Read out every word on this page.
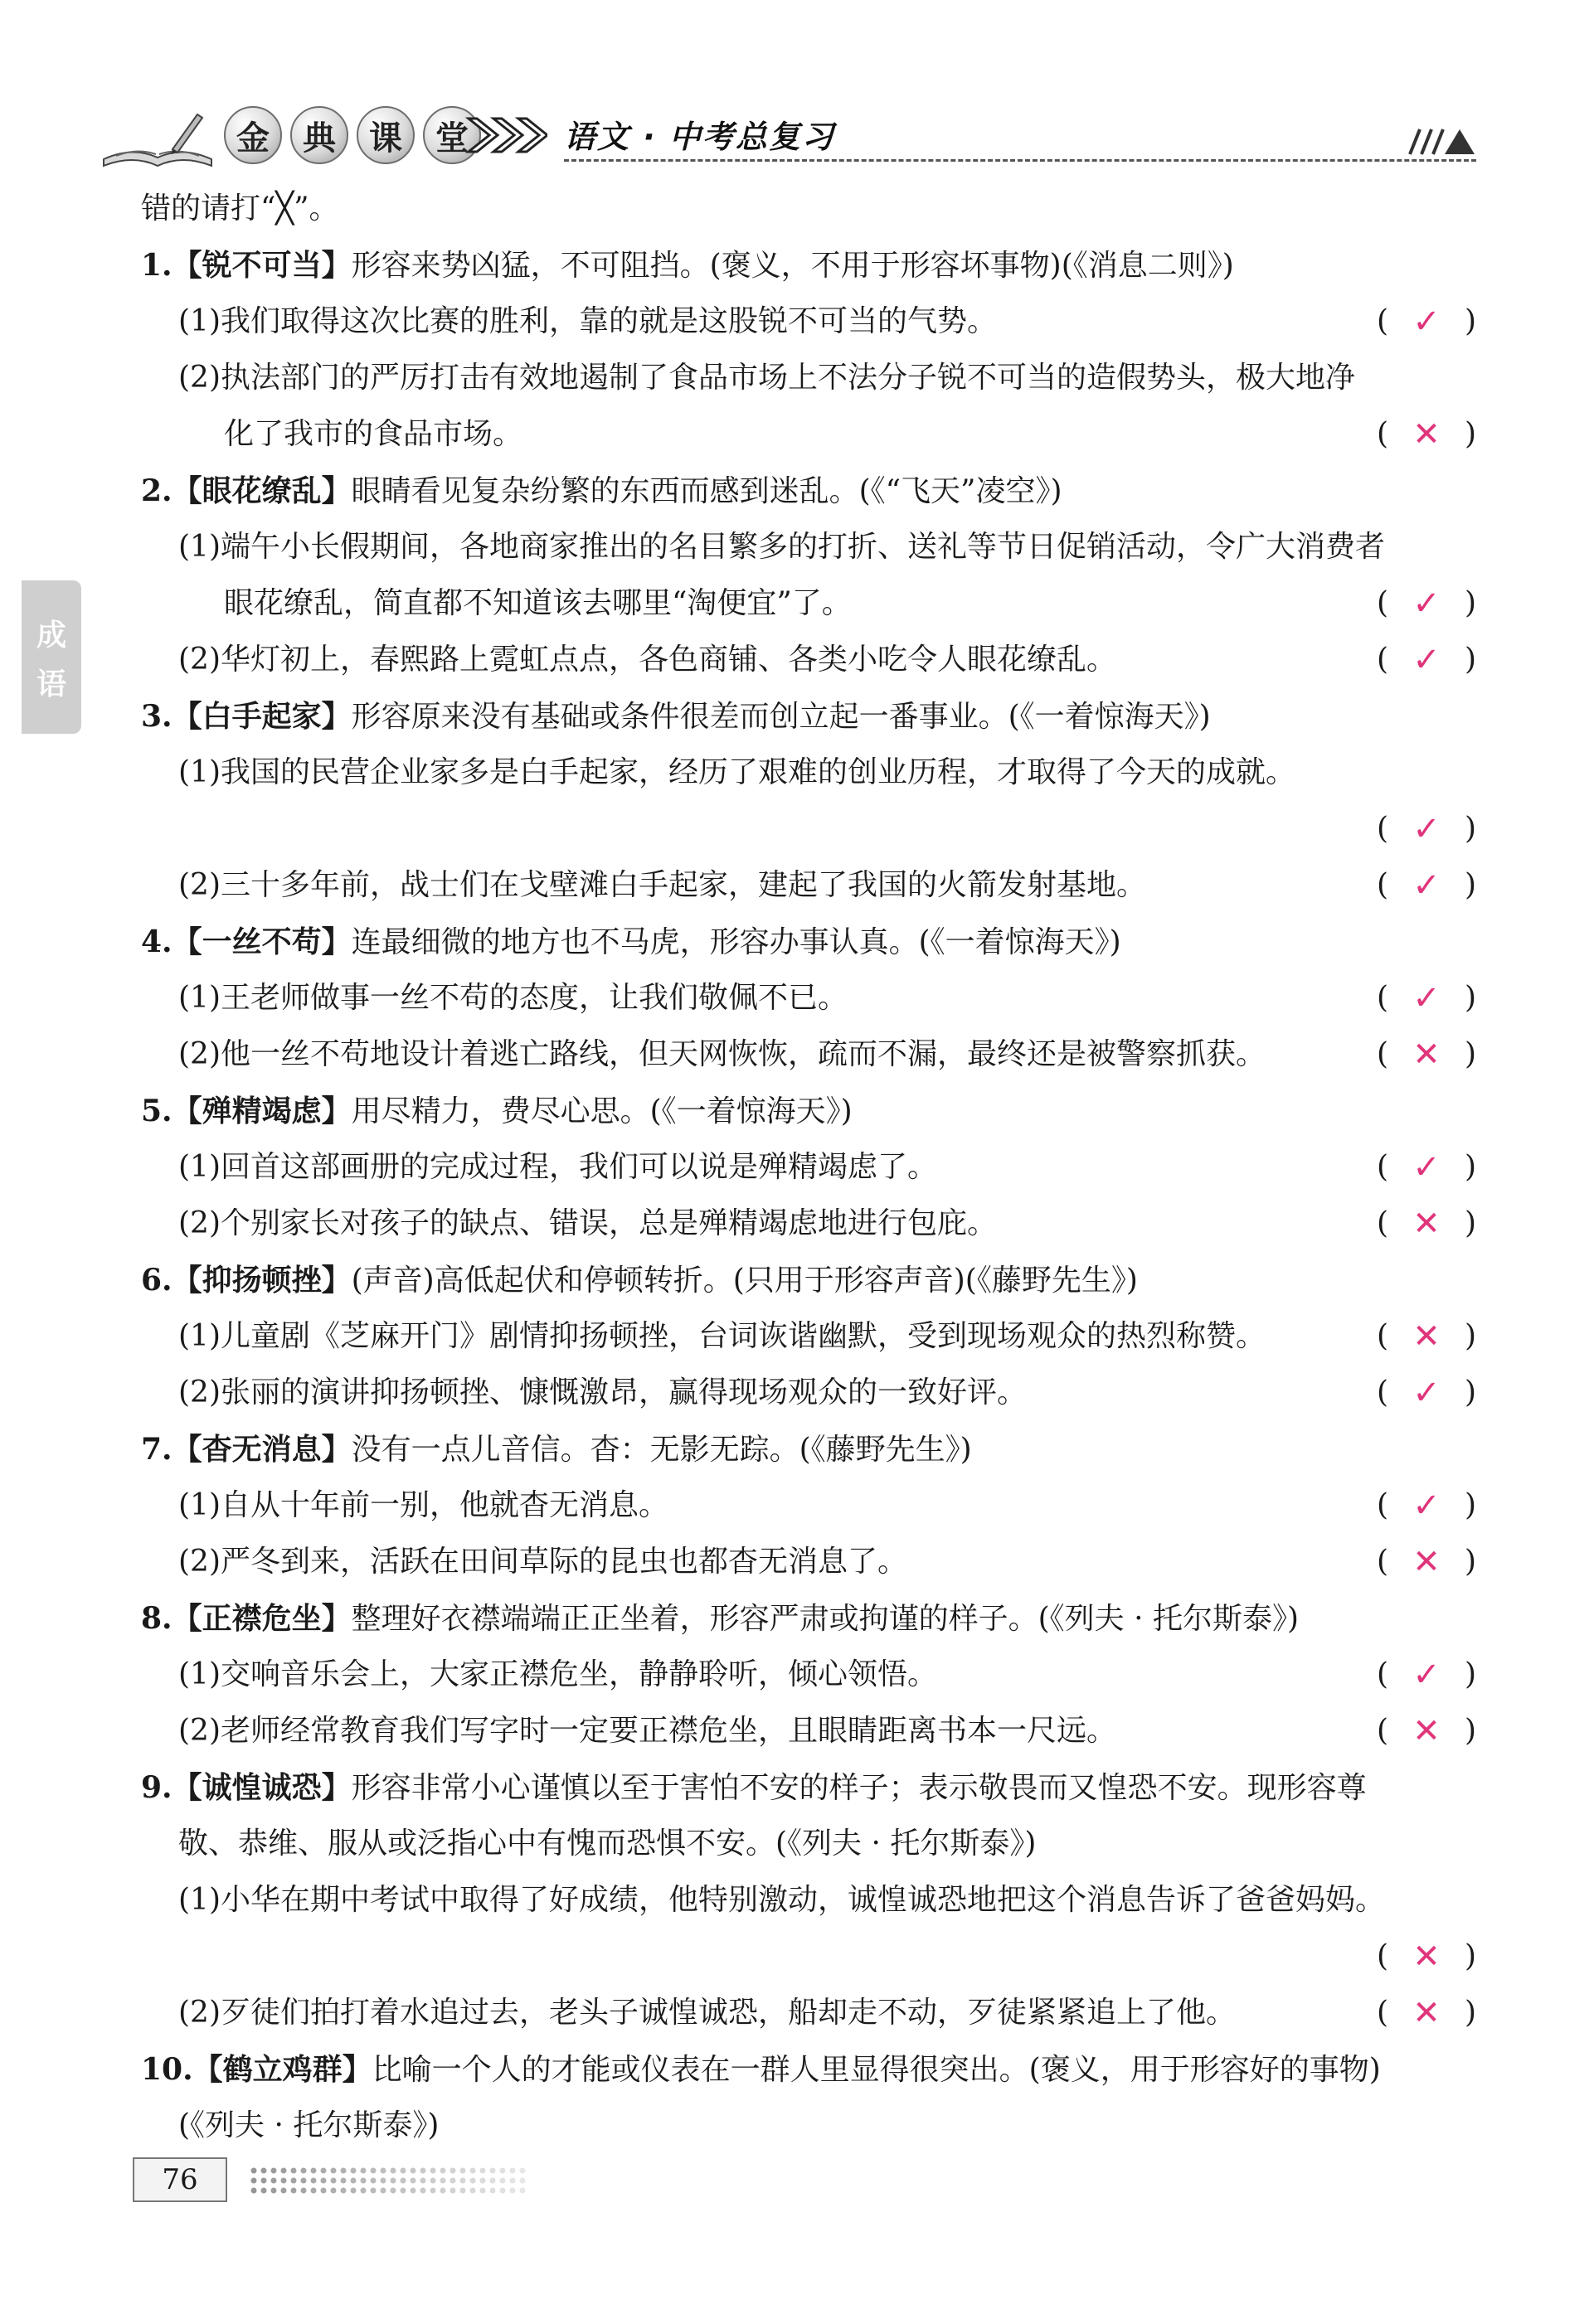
金	典	课	堂	语文 · 中考总复习
成
语
错的请打“╳”。
1.【锐不可当】形容来势凶猛，不可阻挡。(褒义，不用于形容坏事物)(《消息二则》)
(1)我们取得这次比赛的胜利，靠的就是这股锐不可当的气势。	( ✓ )
(2)执法部门的严厉打击有效地遏制了食品市场上不法分子锐不可当的造假势头，极大地净
化了我市的食品市场。	( ✕ )
2.【眼花缭乱】眼睛看见复杂纷繁的东西而感到迷乱。(《“飞天”凌空》)
(1)端午小长假期间，各地商家推出的名目繁多的打折、送礼等节日促销活动，令广大消费者
眼花缭乱，简直都不知道该去哪里“淘便宜”了。	( ✓ )
(2)华灯初上，春熙路上霓虹点点，各色商铺、各类小吃令人眼花缭乱。	( ✓ )
3.【白手起家】形容原来没有基础或条件很差而创立起一番事业。(《一着惊海天》)
(1)我国的民营企业家多是白手起家，经历了艰难的创业历程，才取得了今天的成就。
( ✓ )
(2)三十多年前，战士们在戈壁滩白手起家，建起了我国的火箭发射基地。	( ✓ )
4.【一丝不苟】连最细微的地方也不马虎，形容办事认真。(《一着惊海天》)
(1)王老师做事一丝不苟的态度，让我们敬佩不已。	( ✓ )
(2)他一丝不苟地设计着逃亡路线，但天网恢恢，疏而不漏，最终还是被警察抓获。	( ✕ )
5.【殚精竭虑】用尽精力，费尽心思。(《一着惊海天》)
(1)回首这部画册的完成过程，我们可以说是殚精竭虑了。	( ✓ )
(2)个别家长对孩子的缺点、错误，总是殚精竭虑地进行包庇。	( ✕ )
6.【抑扬顿挫】(声音)高低起伏和停顿转折。(只用于形容声音)(《藤野先生》)
(1)儿童剧《芝麻开门》剧情抑扬顿挫，台词诙谐幽默，受到现场观众的热烈称赞。	( ✕ )
(2)张丽的演讲抑扬顿挫、慷慨激昂，赢得现场观众的一致好评。	( ✓ )
7.【杳无消息】没有一点儿音信。杳：无影无踪。(《藤野先生》)
(1)自从十年前一别，他就杳无消息。	( ✓ )
(2)严冬到来，活跃在田间草际的昆虫也都杳无消息了。	( ✕ )
8.【正襟危坐】整理好衣襟端端正正坐着，形容严肃或拘谨的样子。(《列夫 · 托尔斯泰》)
(1)交响音乐会上，大家正襟危坐，静静聆听，倾心领悟。	( ✓ )
(2)老师经常教育我们写字时一定要正襟危坐，且眼睛距离书本一尺远。	( ✕ )
9.【诚惶诚恐】形容非常小心谨慎以至于害怕不安的样子；表示敬畏而又惶恐不安。现形容尊
敬、恭维、服从或泛指心中有愧而恐惧不安。(《列夫 · 托尔斯泰》)
(1)小华在期中考试中取得了好成绩，他特别激动，诚惶诚恐地把这个消息告诉了爸爸妈妈。
( ✕ )
(2)歹徒们拍打着水追过去，老头子诚惶诚恐，船却走不动，歹徒紧紧追上了他。	( ✕ )
10.【鹤立鸡群】比喻一个人的才能或仪表在一群人里显得很突出。(褒义，用于形容好的事物)
(《列夫 · 托尔斯泰》)
76
